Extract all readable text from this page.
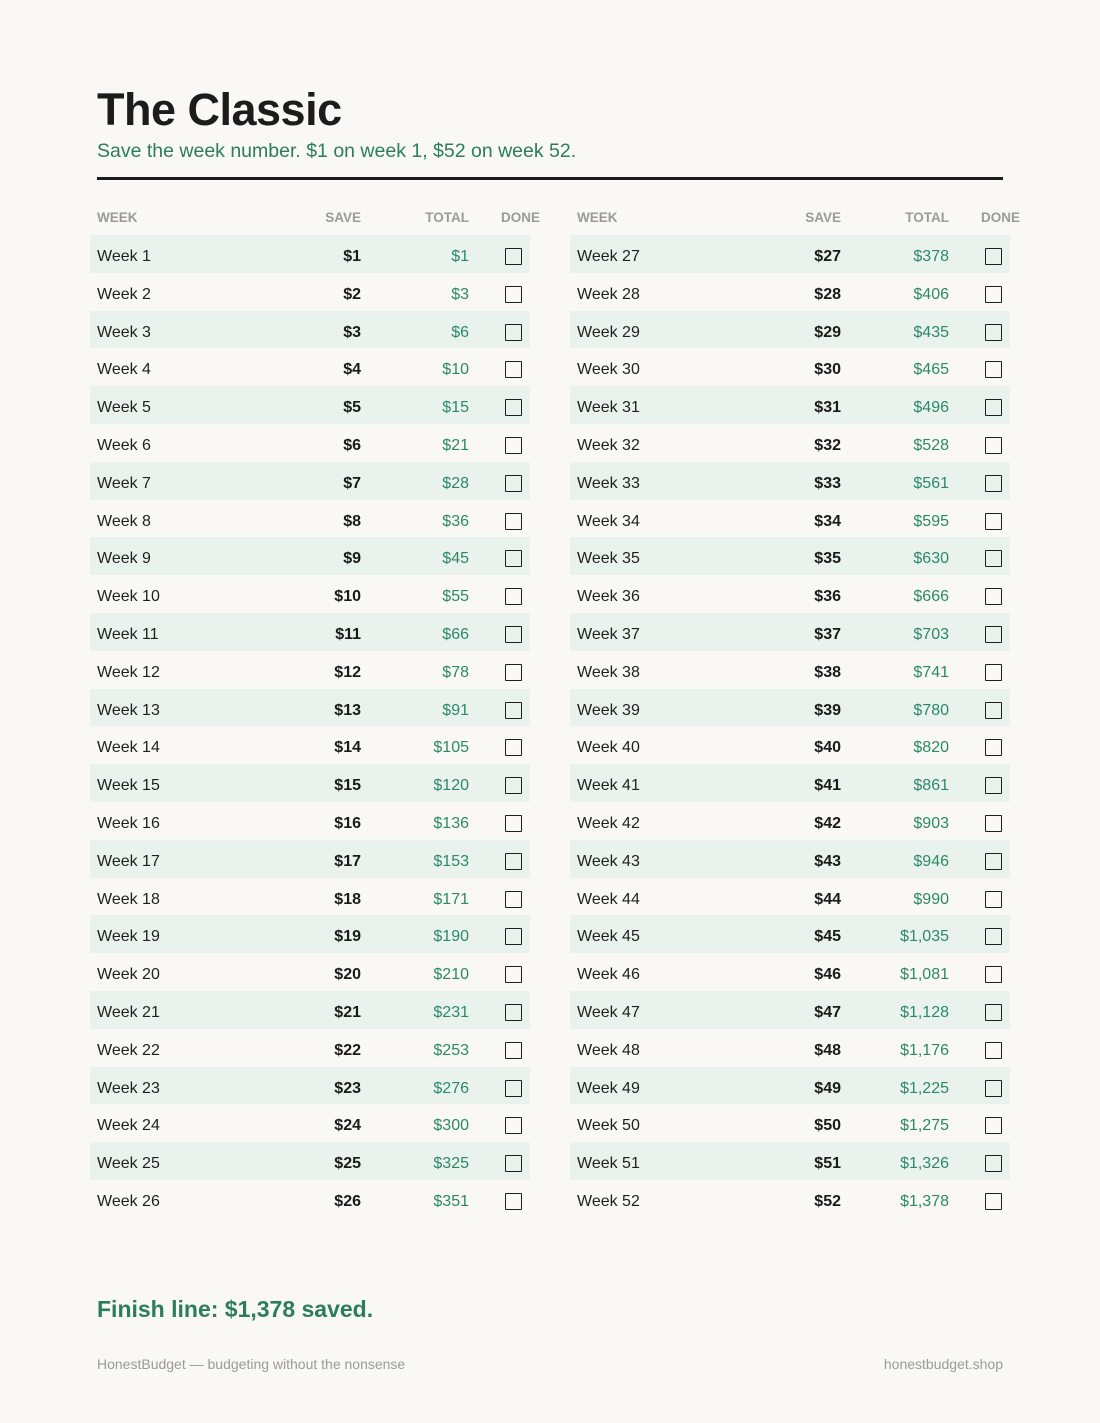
The Classic
Save the week number. $1 on week 1, $52 on week 52.
WEEK	SAVE	TOTAL DONE
Week 1	$1	$1
Week 2	$2	$3
Week 3	$3	$6
Week 4	$4	$10
Week 5	$5	$15
Week 6	$6	$21
Week 7	$7	$28
Week 8	$8	$36
Week 9	$9	$45
Week 10	$10	$55
Week 11	$11	$66
Week 12	$12	$78
Week 13	$13	$91
Week 14	$14	$105
Week 15	$15	$120
Week 16	$16	$136
Week 17	$17	$153
Week 18	$18	$171
Week 19	$19	$190
Week 20	$20	$210
Week 21	$21	$231
Week 22	$22	$253
Week 23	$23	$276
Week 24	$24	$300
Week 25	$25	$325
Week 26	$26	$351
WEEK	SAVE	TOTAL DONE
Week 27	$27	$378
Week 28	$28	$406
Week 29	$29	$435
Week 30	$30	$465
Week 31	$31	$496
Week 32	$32	$528
Week 33	$33	$561
Week 34	$34	$595
Week 35	$35	$630
Week 36	$36	$666
Week 37	$37	$703
Week 38	$38	$741
Week 39	$39	$780
Week 40	$40	$820
Week 41	$41	$861
Week 42	$42	$903
Week 43	$43	$946
Week 44	$44	$990
Week 45	$45	$1,035
Week 46	$46	$1,081
Week 47	$47	$1,128
Week 48	$48	$1,176
Week 49	$49	$1,225
Week 50	$50	$1,275
Week 51	$51	$1,326
Week 52	$52	$1,378
Finish line: $1,378 saved.
HonestBudget — budgeting without the nonsense	honestbudget.shop
